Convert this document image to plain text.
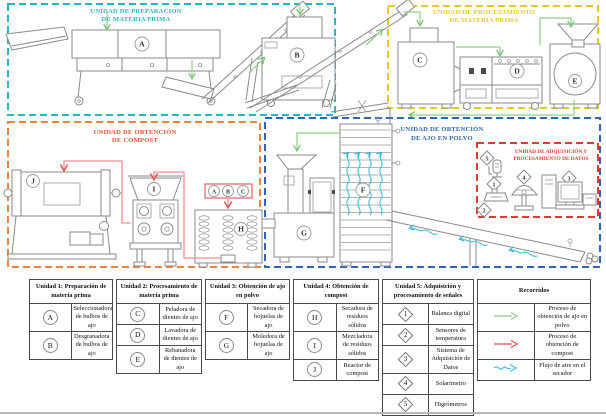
UNIDAD DE PREPARACIÓN
DE MATERIA PRIMA
UNIDAD DE PROCESAMIENTO
DE MATERIA PRIMA
UNIDAD DE OBTENCIÓN
DE COMPOST
UNIDAD DE OBTENCIÓN
DE AJO EN POLVO
UNIDAD DE ADQUISICIÓN Y
PROCESAMIENTO DE DATOS
A
B
C
D
E
G
F
J
I
H
A B C
5
1
2
4	3
Unidad 1: Preparación de materia prima	

A	Seleccionadora de bulbos de ajo

B	Desgranadora de bulbos de ajo
Unidad 2: Procesamiento de materia prima	

C	Peladora de dientes de ajo

D	Lavadora de dientes de ajo

E	Rebanadora de dientes de ajo
Unidad 3: Obtención de ajo en polvo	

F	Secadora de hojuelas de ajo

G	Moledora de hojuelas de ajo
Unidad 4: Obtención de compost	

H	Secadora de residuos sólidos

I	Mezcladora de residuos sólidos

J	Reactor de compost
Unidad 5: Adquisición y procesamiento de señales	

1	Balanza digital

2	Sensores de temperatura

3	Sistema de Adquisición de Datos

4	Solarimetro

5	Higrómetros
Recorridos	
	Proceso de obtención de ajo en polvo
	Proceso de obtención de compost
	Flujo de aire en el secador
